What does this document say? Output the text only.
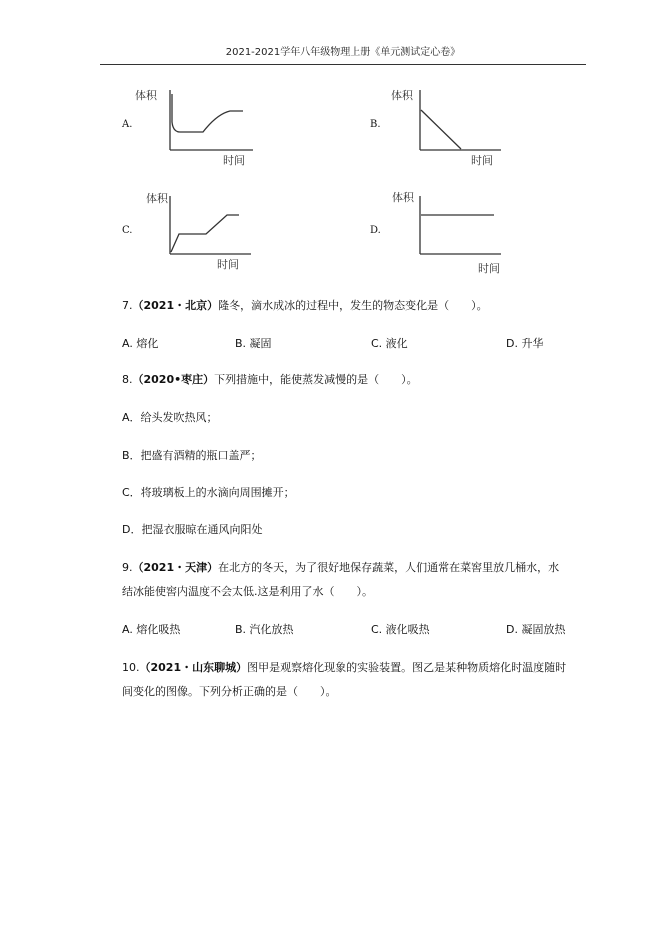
2021-2021学年八年级物理上册《单元测试定心卷》
A.
体积
时间
B.
体积
时间
C.
体积
时间
D.
体积
时间
7.（2021・北京）隆冬，滴水成冰的过程中，发生的物态变化是（　　）。
A. 熔化	B. 凝固	C. 液化	D. 升华
8.（2020•枣庄）下列措施中，能使蒸发减慢的是（　　）。
A．给头发吹热风；
B．把盛有酒精的瓶口盖严；
C．将玻璃板上的水滴向周围摊开；
D．把湿衣服晾在通风向阳处
9.（2021・天津）在北方的冬天，为了很好地保存蔬菜，人们通常在菜窖里放几桶水，水
结冰能使窖内温度不会太低.这是利用了水（　　）。
A. 熔化吸热	B. 汽化放热	C. 液化吸热	D. 凝固放热
10.（2021・山东聊城）图甲是观察熔化现象的实验装置。图乙是某种物质熔化时温度随时
间变化的图像。下列分析正确的是（　　）。
